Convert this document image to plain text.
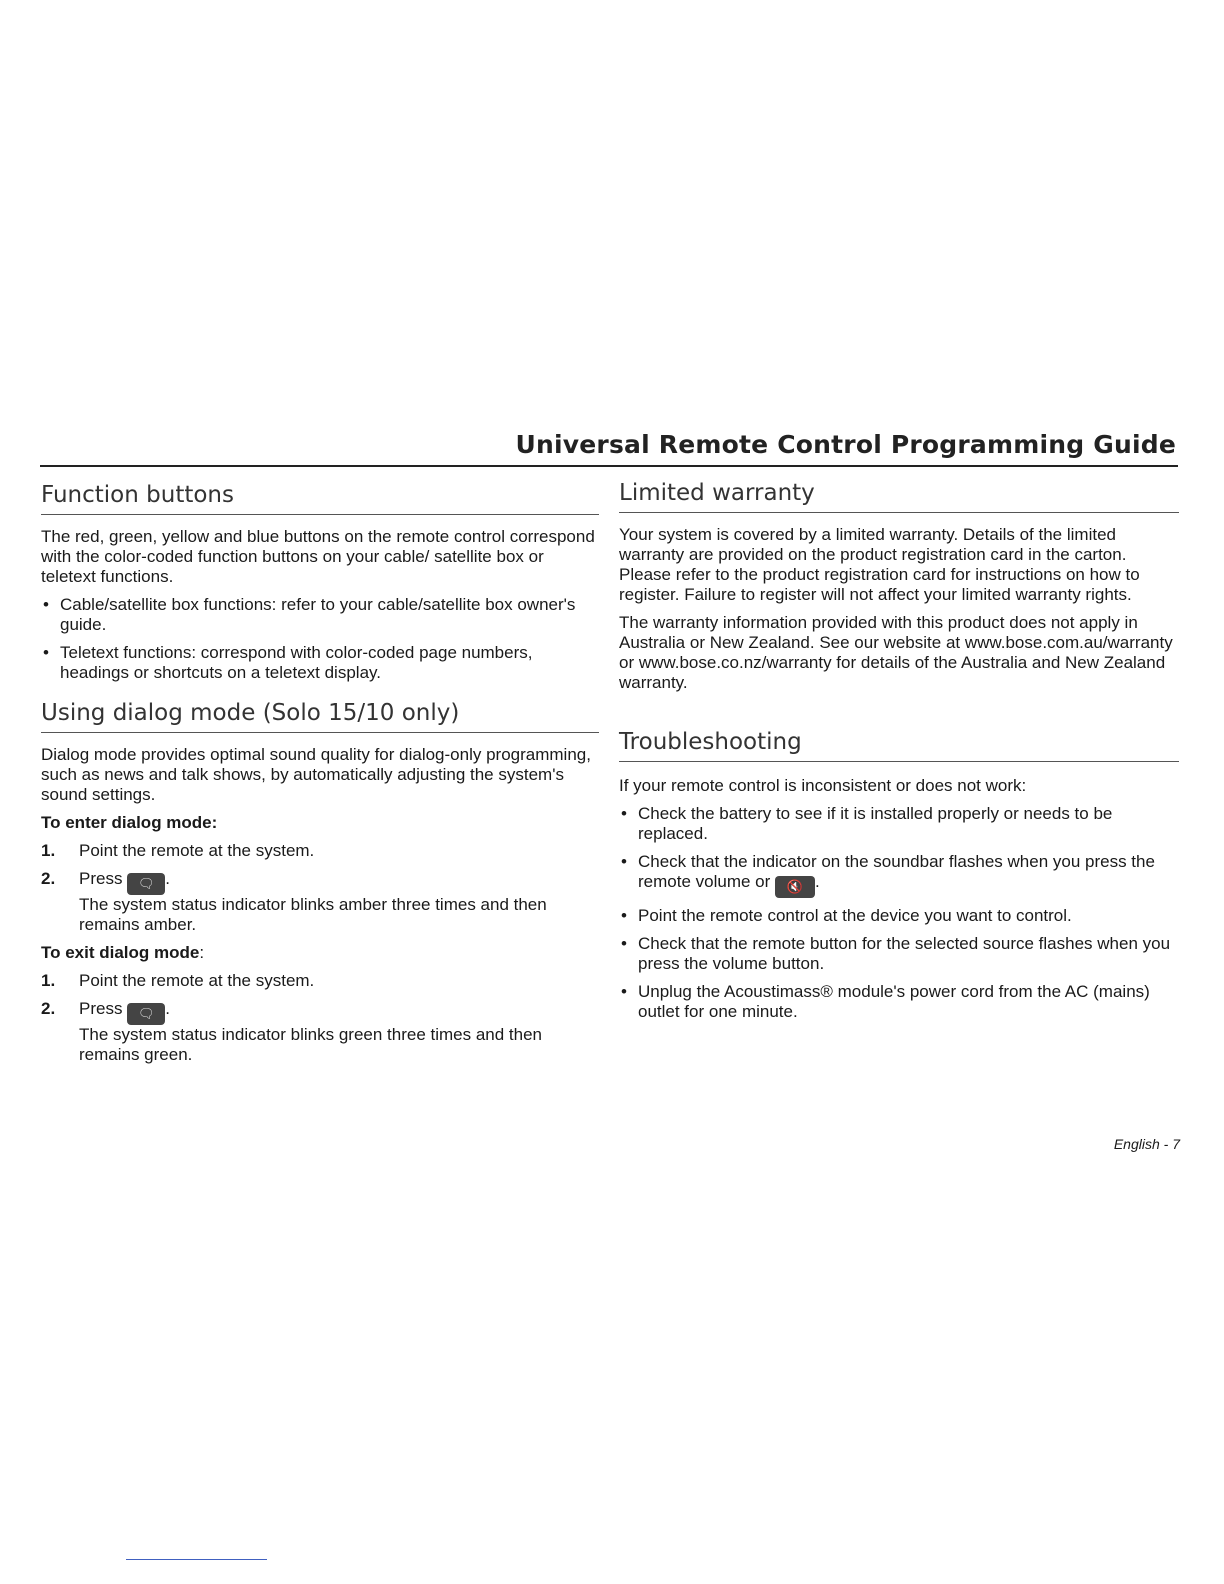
Universal Remote Control Programming Guide
Function buttons
The red, green, yellow and blue buttons on the remote control correspond with the color-coded function buttons on your cable/ satellite box or teletext functions.
• Cable/satellite box functions: refer to your cable/satellite box owner's guide.
• Teletext functions: correspond with color-coded page numbers, headings or shortcuts on a teletext display.
Using dialog mode (Solo 15/10 only)
Dialog mode provides optimal sound quality for dialog-only programming, such as news and talk shows, by automatically adjusting the system's sound settings.
To enter dialog mode:
1. Point the remote at the system.
2. Press 🗨 .
The system status indicator blinks amber three times and then remains amber.
To exit dialog mode:
1. Point the remote at the system.
2. Press 🗨 .
The system status indicator blinks green three times and then remains green.
Limited warranty
Your system is covered by a limited warranty. Details of the limited warranty are provided on the product registration card in the carton. Please refer to the product registration card for instructions on how to register. Failure to register will not affect your limited warranty rights.
The warranty information provided with this product does not apply in Australia or New Zealand. See our website at www.bose.com.au/warranty or www.bose.co.nz/warranty for details of the Australia and New Zealand warranty.
Troubleshooting
If your remote control is inconsistent or does not work:
• Check the battery to see if it is installed properly or needs to be replaced.
• Check that the indicator on the soundbar flashes when you press the remote volume or 🔇 .
• Point the remote control at the device you want to control.
• Check that the remote button for the selected source flashes when you press the volume button.
• Unplug the Acoustimass® module's power cord from the AC (mains) outlet for one minute.
English - 7
